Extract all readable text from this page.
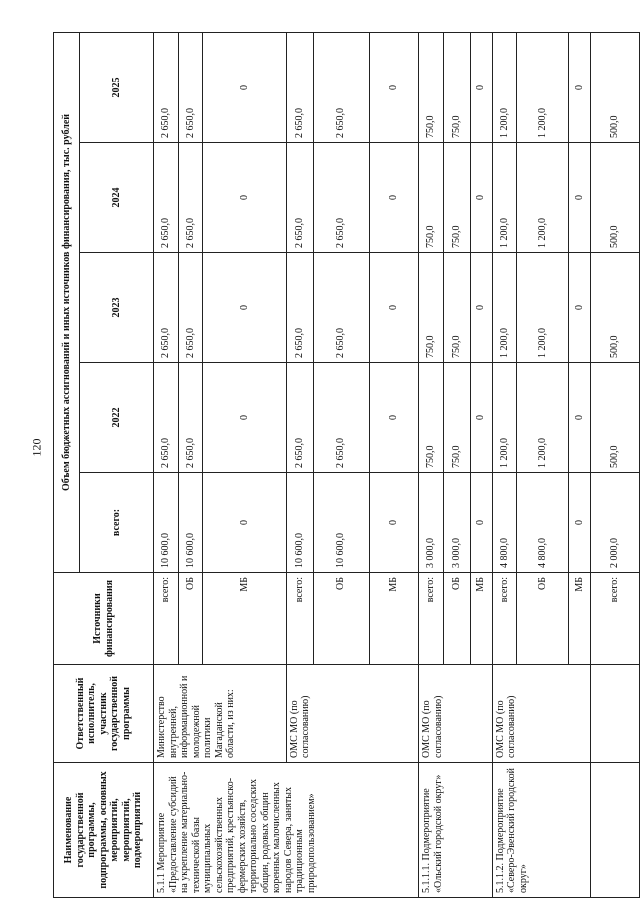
120
Наименование государственной программы, подпрограммы, основных мероприятий, мероприятий, подмероприятий	Ответственный исполнитель, участник государственной программы	Источники финансирования	Объем бюджетных ассигнований и иных источников финансирования, тыс. рублей				
			всего:	2022	2023	2024	2025
5.1.1 Мероприятие «Предоставление субсидий на укрепление материально-технической базы муниципальных сельскохозяйственных предприятий, крестьянско-фермерских хозяйств, территориально соседских общин, родовых общин коренных малочисленных народов Севера, занятых традиционным природопользованием»	Министерство внутренней, информационной и молодежной политики Магаданской области, из них:	всего:	10 600,0	2 650,0	2 650,0	2 650,0	2 650,0
		ОБ	10 600,0	2 650,0	2 650,0	2 650,0	2 650,0
		МБ	0	0	0	0	0
	ОМС МО (по согласованию)	всего:	10 600,0	2 650,0	2 650,0	2 650,0	2 650,0
		ОБ	10 600,0	2 650,0	2 650,0	2 650,0	2 650,0
		МБ	0	0	0	0	0
5.1.1.1. Подмероприятие «Ольский городской округ»	ОМС МО (по согласованию)	всего:	3 000,0	750,0	750,0	750,0	750,0
		ОБ	3 000,0	750,0	750,0	750,0	750,0
		МБ	0	0	0	0	0
5.1.1.2. Подмероприятие «Северо-Эвенский городской округ»	ОМС МО (по согласованию)	всего:	4 800,0	1 200,0	1 200,0	1 200,0	1 200,0
		ОБ	4 800,0	1 200,0	1 200,0	1 200,0	1 200,0
		МБ	0	0	0	0	0
		всего:	2 000,0	500,0	500,0	500,0	500,0
